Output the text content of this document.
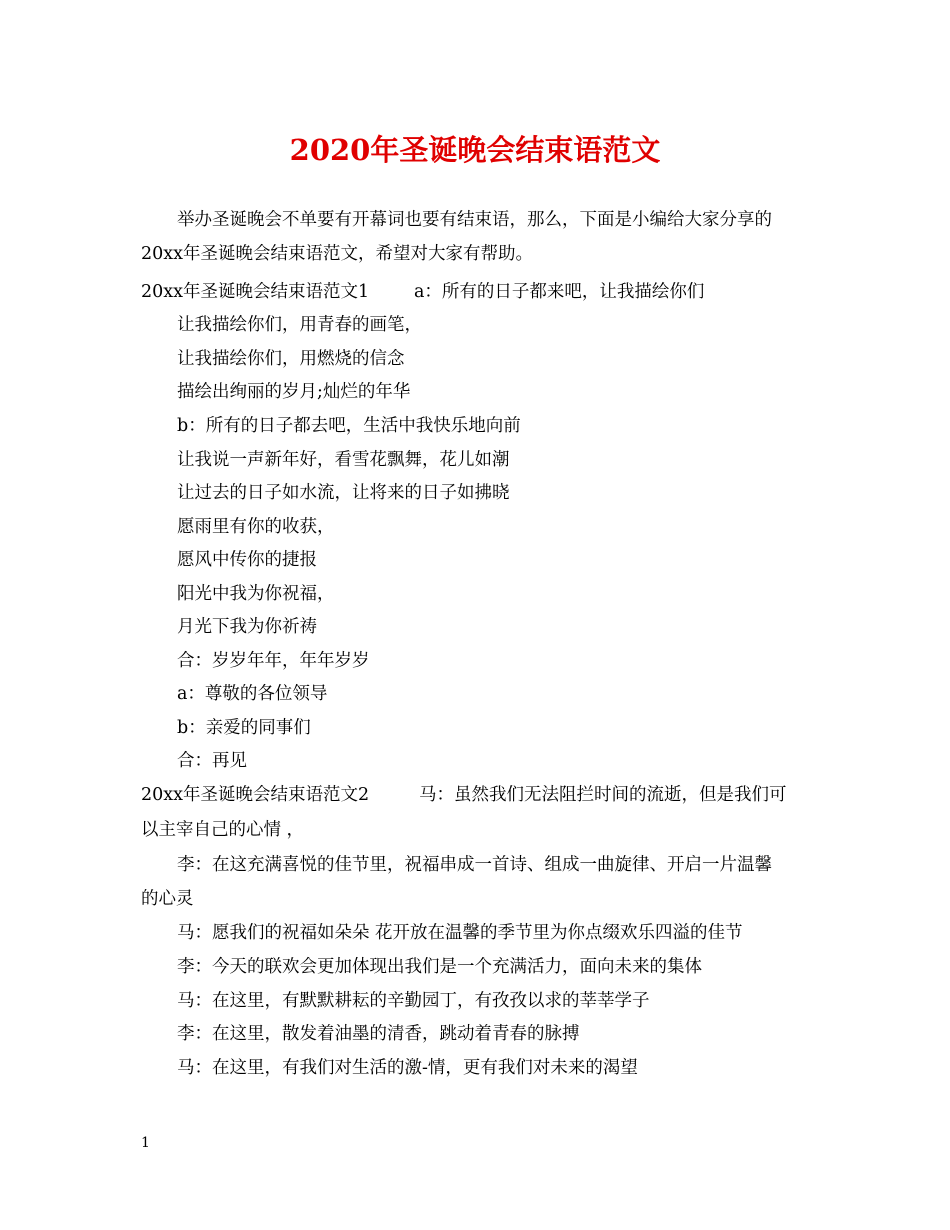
2020年圣诞晚会结束语范文
举办圣诞晚会不单要有开幕词也要有结束语，那么，下面是小编给大家分享的
20xx年圣诞晚会结束语范文，希望对大家有帮助。
20xx年圣诞晚会结束语范文1	a：所有的日子都来吧，让我描绘你们
让我描绘你们，用青春的画笔，
让我描绘你们，用燃烧的信念
描绘出绚丽的岁月;灿烂的年华
b：所有的日子都去吧，生活中我快乐地向前
让我说一声新年好，看雪花飘舞，花儿如潮
让过去的日子如水流，让将来的日子如拂晓
愿雨里有你的收获，
愿风中传你的捷报
阳光中我为你祝福，
月光下我为你祈祷
合：岁岁年年，年年岁岁
a：尊敬的各位领导
b：亲爱的同事们
合：再见
20xx年圣诞晚会结束语范文2	马：虽然我们无法阻拦时间的流逝，但是我们可
以主宰自己的心情 ，
李：在这充满喜悦的佳节里，祝福串成一首诗、组成一曲旋律、开启一片温馨
的心灵
马：愿我们的祝福如朵朵 花开放在温馨的季节里为你点缀欢乐四溢的佳节
李：今天的联欢会更加体现出我们是一个充满活力，面向未来的集体
马：在这里，有默默耕耘的辛勤园丁，有孜孜以求的莘莘学子
李：在这里，散发着油墨的清香，跳动着青春的脉搏
马：在这里，有我们对生活的激-情，更有我们对未来的渴望
1
